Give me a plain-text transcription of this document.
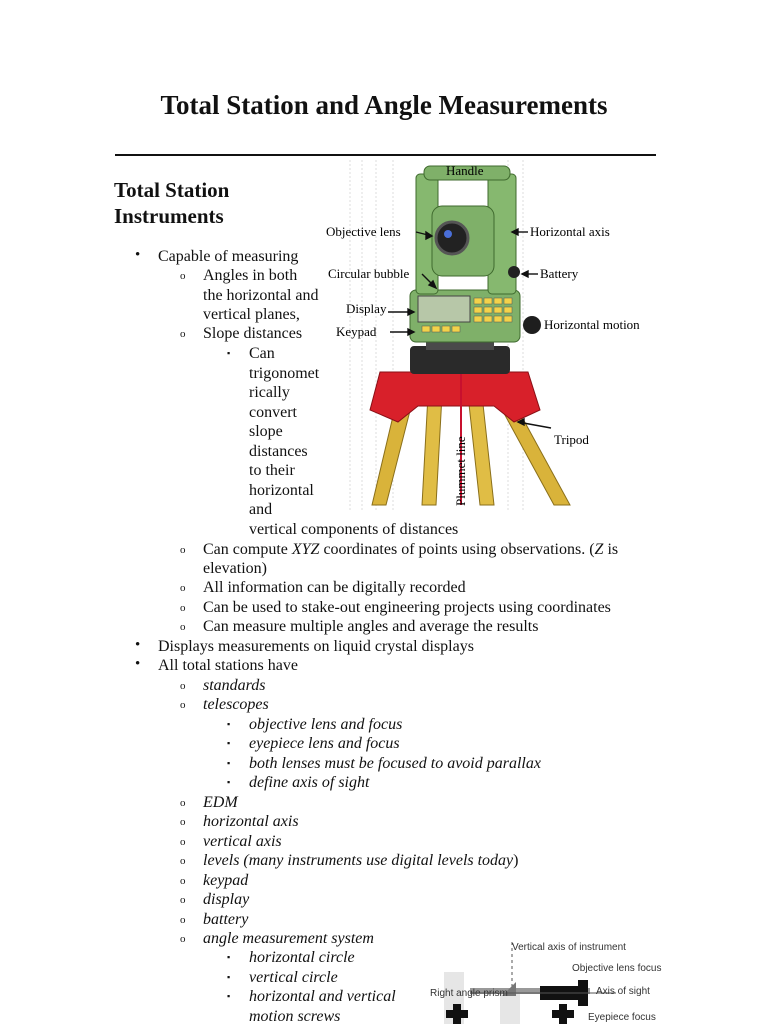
Total Station and Angle Measurements
Total Station
Instruments
• Capable of measuring
o Angles in both
the horizontal and
vertical planes,
o Slope distances
▪ Can
trigonomet
rically
convert
slope
distances
to their
horizontal
and
vertical components of distances
o Can compute XYZ coordinates of points using observations. (Z is
elevation)
o All information can be digitally recorded
o Can be used to stake-out engineering projects using coordinates
o Can measure multiple angles and average the results
• Displays measurements on liquid crystal displays
• All total stations have
o standards
o telescopes
▪ objective lens and focus
▪ eyepiece lens and focus
▪ both lenses must be focused to avoid parallax
▪ define axis of sight
o EDM
o horizontal axis
o vertical axis
o levels (many instruments use digital levels today)
o keypad
o display
o battery
o angle measurement system
▪ horizontal circle
▪ vertical circle
▪ horizontal and vertical
motion screws
Handle
Objective lens	Horizontal axis
Circular bubble	Battery
Display
Keypad	Horizontal motion
Tripod
Plummet line
Vertical axis of instrument
Objective lens focus
Right angle prism	Axis of sight
Eyepiece focus
